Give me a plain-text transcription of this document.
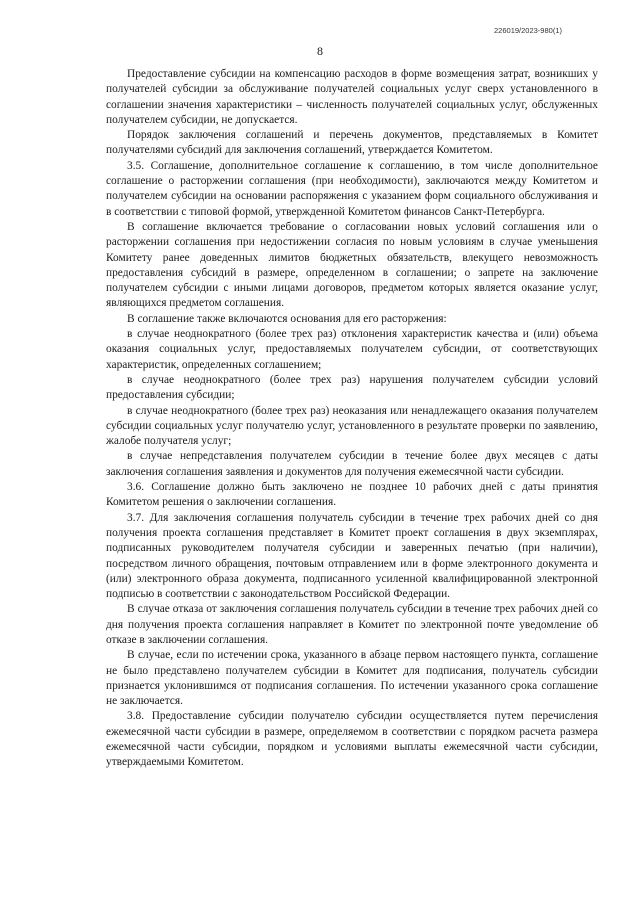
226019/2023-980(1)
8

Предоставление субсидии на компенсацию расходов в форме возмещения затрат, возникших у получателей субсидии за обслуживание получателей социальных услуг сверх установленного в соглашении значения характеристики – численность получателей социальных услуг, обслуженных получателем субсидии, не допускается.

Порядок заключения соглашений и перечень документов, представляемых в Комитет получателями субсидий для заключения соглашений, утверждается Комитетом.

3.5. Соглашение, дополнительное соглашение к соглашению, в том числе дополнительное соглашение о расторжении соглашения (при необходимости), заключаются между Комитетом и получателем субсидии на основании распоряжения с указанием форм социального обслуживания и в соответствии с типовой формой, утвержденной Комитетом финансов Санкт-Петербурга.

В соглашение включается требование о согласовании новых условий соглашения или о расторжении соглашения при недостижении согласия по новым условиям в случае уменьшения Комитету ранее доведенных лимитов бюджетных обязательств, влекущего невозможность предоставления субсидий в размере, определенном в соглашении; о запрете на заключение получателем субсидии с иными лицами договоров, предметом которых является оказание услуг, являющихся предметом соглашения.

В соглашение также включаются основания для его расторжения:

в случае неоднократного (более трех раз) отклонения характеристик качества и (или) объема оказания социальных услуг, предоставляемых получателем субсидии, от соответствующих характеристик, определенных соглашением;

в случае неоднократного (более трех раз) нарушения получателем субсидии условий предоставления субсидии;

в случае неоднократного (более трех раз) неоказания или ненадлежащего оказания получателем субсидии социальных услуг получателю услуг, установленного в результате проверки по заявлению, жалобе получателя услуг;

в случае непредставления получателем субсидии в течение более двух месяцев с даты заключения соглашения заявления и документов для получения ежемесячной части субсидии.

3.6. Соглашение должно быть заключено не позднее 10 рабочих дней с даты принятия Комитетом решения о заключении соглашения.

3.7. Для заключения соглашения получатель субсидии в течение трех рабочих дней со дня получения проекта соглашения представляет в Комитет проект соглашения в двух экземплярах, подписанных руководителем получателя субсидии и заверенных печатью (при наличии), посредством личного обращения, почтовым отправлением или в форме электронного документа и (или) электронного образа документа, подписанного усиленной квалифицированной электронной подписью в соответствии с законодательством Российской Федерации.

В случае отказа от заключения соглашения получатель субсидии в течение трех рабочих дней со дня получения проекта соглашения направляет в Комитет по электронной почте уведомление об отказе в заключении соглашения.

В случае, если по истечении срока, указанного в абзаце первом настоящего пункта, соглашение не было представлено получателем субсидии в Комитет для подписания, получатель субсидии признается уклонившимся от подписания соглашения. По истечении указанного срока соглашение не заключается.

3.8. Предоставление субсидии получателю субсидии осуществляется путем перечисления ежемесячной части субсидии в размере, определяемом в соответствии с порядком расчета размера ежемесячной части субсидии, порядком и условиями выплаты ежемесячной части субсидии, утверждаемыми Комитетом.
